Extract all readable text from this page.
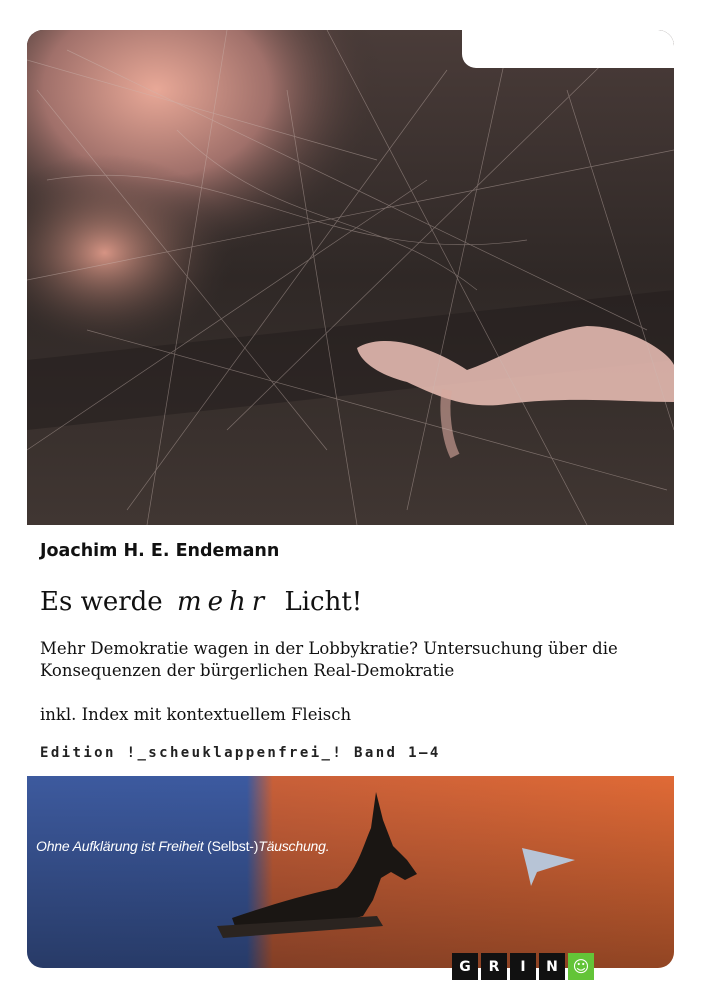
Joachim H. E. Endemann
Es werde mehr Licht!
Mehr Demokratie wagen in der Lobbykratie? Untersuchung über die Konsequenzen der bürgerlichen Real-Demokratie
inkl. Index mit kontextuellem Fleisch
Edition !_scheuklappenfrei_! Band 1–4
Ohne Aufklärung ist Freiheit (Selbst-)Täuschung.
G	R	I	N ☺
